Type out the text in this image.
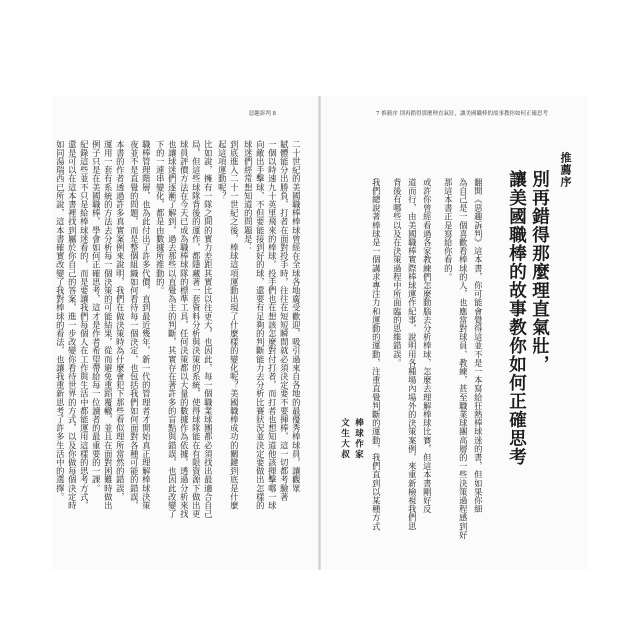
惡趣訴判 8	7 推薦序 別再錯得那麼理直氣壯，讓美國職棒的故事教你如何正確思考
推薦序
別再錯得那麼理直氣壯，
讓美國職棒的故事教你如何正確思考
翻開《惡趣訴判》這本書，你可能會覺得這並不是一本寫給狂熱棒球迷的書，但如果你細
為自己是一個喜歡看棒球的人，也應當對球員、教練，甚至職業球團高層的一些決策過程感到好
那這本書正是寫給你看的。
或許你曾經看過各家教練們怎麼動腦去分析棒球，怎麼去理解棒球比賽，但這本書剛好反
道而行，由美國職棒實際棒球運作紀事，說明用各種場內場外的決策案例，來重新檢視我們思
背後有哪些以及在決策過程中所面臨的思維錯誤。
我們總說著棒球是一個講求專注力和運動的運動，注重直覺判斷的運動，我們直到以某種方式
棒球作家
文生大叔
二十世紀的美國職棒棒球曾經在全球各地廣受歡迎，吸引過來自各地的最優秀棒球員，讓觀眾
賦體能分出勝負，打者在面對投手時，往往在短短瞬間就必須決定要不要揮棒，這一切都考驗著
一個以時速九十英里飛來的棒球，投手們也在想該怎麼對付打者，而打者也想知道他該揮擊哪一球
向敵出手擊球，不但要能接到好的球，還要有足夠的判斷能力去分析比賽狀況並決定要做出怎樣的
球迷們經常想知道的問題是：
到底進入二十一世紀之後，棒球這項運動出現了什麼樣的變化呢？美國職棒成功的關鍵到底是什麼
起這項運動呢？
比如說，擁有一隊之間的實力差距其實比以往更大，也因此，每一個職業球團都必須找出最適合自己
局，但這些球隊背後的運作，都隱藏著一套資料分析與決策的系統，使得球隊能在有限資源下做出更
球員評價方法在今天已成為職棒球隊的標準工具，任何決策都以大量的數據作為依據，透過分析來找
也讓球迷們逐漸了解到，過去那些以直覺為主的判斷，其實存在著許多的盲點與錯誤，也因此改變了
下的一連串變化，都是由數據所推動的。
職棒管理階層，也為此付出了許多代價，直到最近幾年，新一代的管理者才開始真正理解棒球決策
夜並不是直覺的問題，而是整個組織如何看待每一個決定，也包括我們如何面對各種可能的錯誤，
本書的作者透過許多真實案例來說明，我們在做決策時為什麼會犯下那些看似理所當然的錯誤，
運用一套有系統的方法去分析每一個決策的可能結果，從而避免重蹈覆轍，並且在面對困難時做出
例子只是在美國職棒，學會如何正確思考，這才是作者希望帶給每一位讀者的最重要的一課。
紀錄這些並不只是給棒球迷看的，而是要讓我們每個人在工作與生活中都能運用這樣的思考方式，
還是可以在這本書裡找到屬於你自己的答案，進一步改變你看待世界的方式，以及你做每個決定時
如同湯瑞西已所說，這本書確實改變了我對棒球的看法，也讓我重新思考了許多生活中的選擇。
